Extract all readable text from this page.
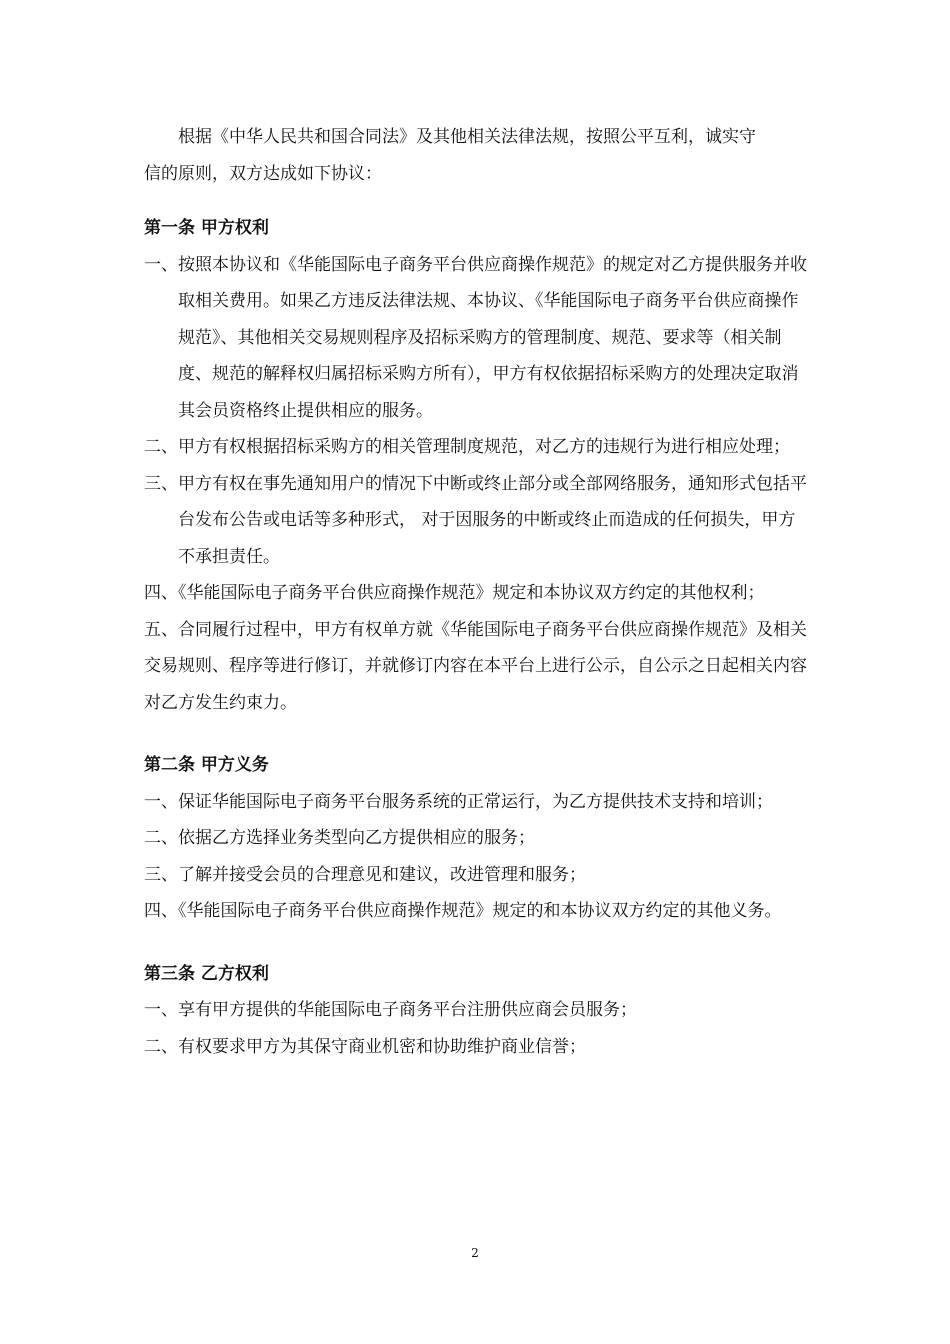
根据《中华人民共和国合同法》及其他相关法律法规，按照公平互利，诚实守

信的原则，双方达成如下协议：

第一条 甲方权利

一、按照本协议和《华能国际电子商务平台供应商操作规范》的规定对乙方提供服务并收取相关费用。如果乙方违反法律法规、本协议、《华能国际电子商务平台供应商操作规范》、其他相关交易规则程序及招标采购方的管理制度、规范、要求等（相关制度、规范的解释权归属招标采购方所有），甲方有权依据招标采购方的处理决定取消其会员资格终止提供相应的服务。

二、甲方有权根据招标采购方的相关管理制度规范，对乙方的违规行为进行相应处理；

三、甲方有权在事先通知用户的情况下中断或终止部分或全部网络服务，通知形式包括平台发布公告或电话等多种形式， 对于因服务的中断或终止而造成的任何损失，甲方不承担责任。

四、《华能国际电子商务平台供应商操作规范》规定和本协议双方约定的其他权利；

五、合同履行过程中，甲方有权单方就《华能国际电子商务平台供应商操作规范》及相关交易规则、程序等进行修订，并就修订内容在本平台上进行公示，自公示之日起相关内容对乙方发生约束力。

第二条 甲方义务

一、保证华能国际电子商务平台服务系统的正常运行，为乙方提供技术支持和培训；

二、依据乙方选择业务类型向乙方提供相应的服务；

三、了解并接受会员的合理意见和建议，改进管理和服务；

四、《华能国际电子商务平台供应商操作规范》规定的和本协议双方约定的其他义务。

第三条 乙方权利

一、享有甲方提供的华能国际电子商务平台注册供应商会员服务；

二、有权要求甲方为其保守商业机密和协助维护商业信誉；

2
